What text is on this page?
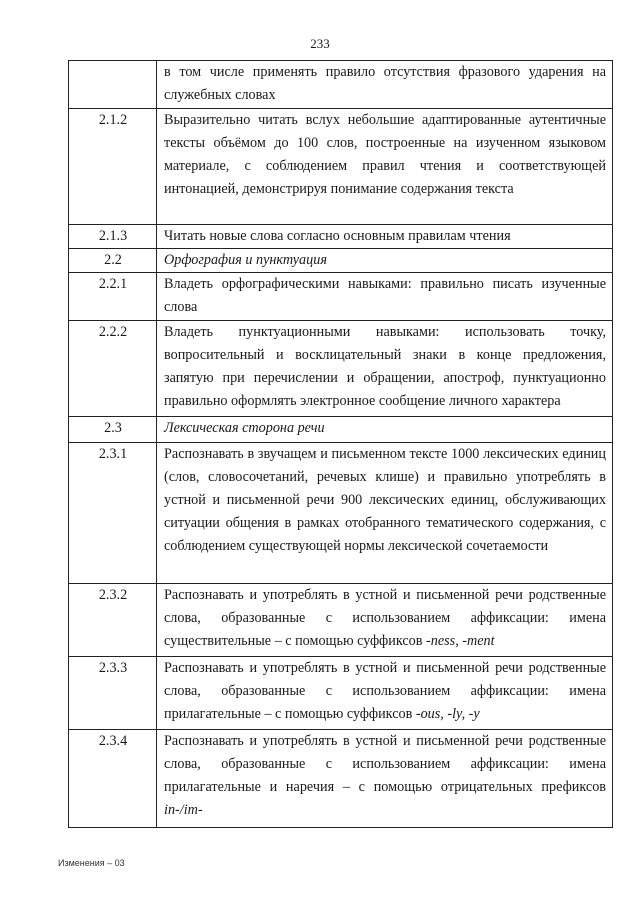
233
	в том числе применять правило отсутствия фразового ударения на служебных словах
2.1.2	Выразительно читать вслух небольшие адаптированные аутентичные тексты объёмом до 100 слов, построенные на изученном языковом материале, с соблюдением правил чтения и соответствующей интонацией, демонстрируя понимание содержания текста
2.1.3	Читать новые слова согласно основным правилам чтения
2.2	Орфография и пунктуация
2.2.1	Владеть орфографическими навыками: правильно писать изученные слова
2.2.2	Владеть пунктуационными навыками: использовать точку, вопросительный и восклицательный знаки в конце предложения, запятую при перечислении и обращении, апостроф, пунктуационно правильно оформлять электронное сообщение личного характера
2.3	Лексическая сторона речи
2.3.1	Распознавать в звучащем и письменном тексте 1000 лексических единиц (слов, словосочетаний, речевых клише) и правильно употреблять в устной и письменной речи 900 лексических единиц, обслуживающих ситуации общения в рамках отобранного тематического содержания, с соблюдением существующей нормы лексической сочетаемости
2.3.2	Распознавать и употреблять в устной и письменной речи родственные слова, образованные с использованием аффиксации: имена существительные – с помощью суффиксов -ness, -ment
2.3.3	Распознавать и употреблять в устной и письменной речи родственные слова, образованные с использованием аффиксации: имена прилагательные – с помощью суффиксов -ous, -ly, -y
2.3.4	Распознавать и употреблять в устной и письменной речи родственные слова, образованные с использованием аффиксации: имена прилагательные и наречия – с помощью отрицательных префиксов in-/im-
Изменения – 03
